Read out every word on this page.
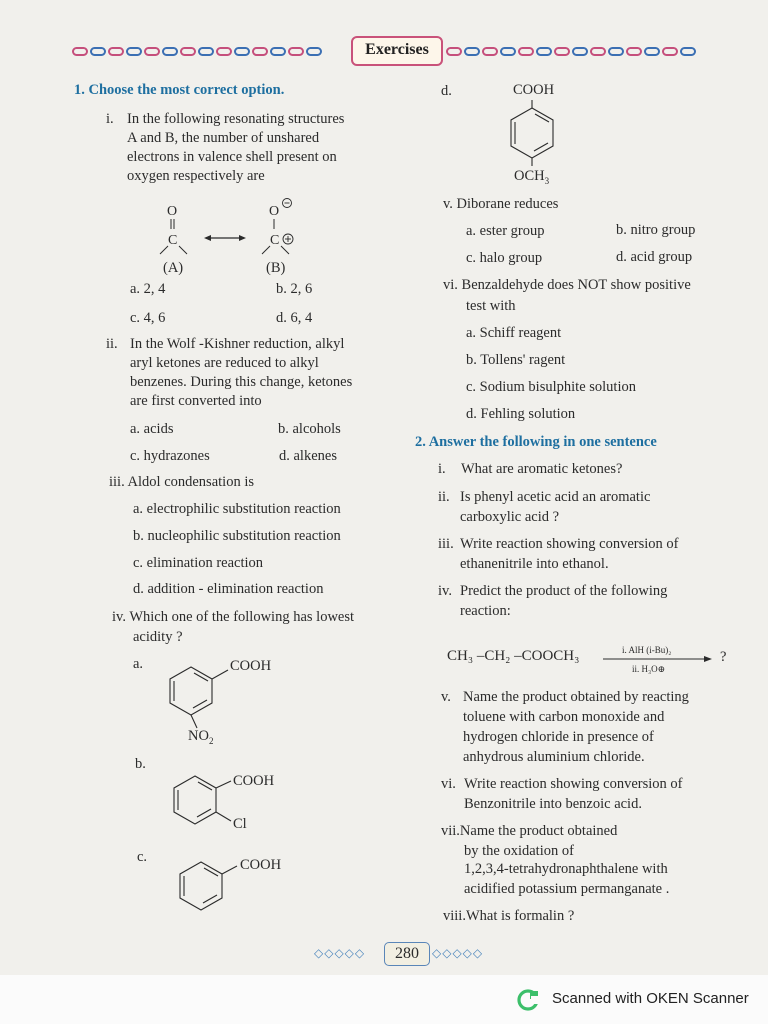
Exercises
1. Choose the most correct option.
i. In the following resonating structures
A and B, the number of unshared
electrons in valence shell present on
oxygen respectively are
O
C
O
C
(A)	(B)
a. 2, 4	b. 2, 6
c. 4, 6	d. 6, 4
ii. In the Wolf -Kishner reduction, alkyl
aryl ketones are reduced to alkyl
benzenes. During this change, ketones
are first converted into
a. acids	b. alcohols
c. hydrazones	d. alkenes
iii. Aldol condensation is
a. electrophilic substitution reaction
b. nucleophilic substitution reaction
c. elimination reaction
d. addition - elimination reaction
iv. Which one of the following has lowest
acidity ?
a.	COOH
$NO_2$
b.
COOH
Cl
c.	COOH
d.	COOH
$OCH_3$
v. Diborane reduces
a. ester group	b. nitro group
c. halo group	d. acid group
vi. Benzaldehyde does NOT show positive
test with
a. Schiff reagent
b. Tollens' ragent
c. Sodium bisulphite solution
d. Fehling solution
2. Answer the following in one sentence
i. What are aromatic ketones?
ii. Is phenyl acetic acid an aromatic
carboxylic acid ?
iii. Write reaction showing conversion of
ethanenitrile into ethanol.
iv. Predict the product of the following
reaction:
CH₃ –CH₂ –COOCH₃	i. AlH (i-Bu)₂
ii. H₃O⊕
?
v. Name the product obtained by reacting
toluene with carbon monoxide and
hydrogen chloride in presence of
anhydrous aluminium chloride.
vi. Write reaction showing conversion of
Benzonitrile into benzoic acid.
vii.Name the product obtained
by the oxidation of
1,2,3,4-tetrahydronaphthalene with
acidified potassium permanganate .
viii.What is formalin ?
◇◇◇◇◇	280	◇◇◇◇◇
Scanned with OKEN Scanner
